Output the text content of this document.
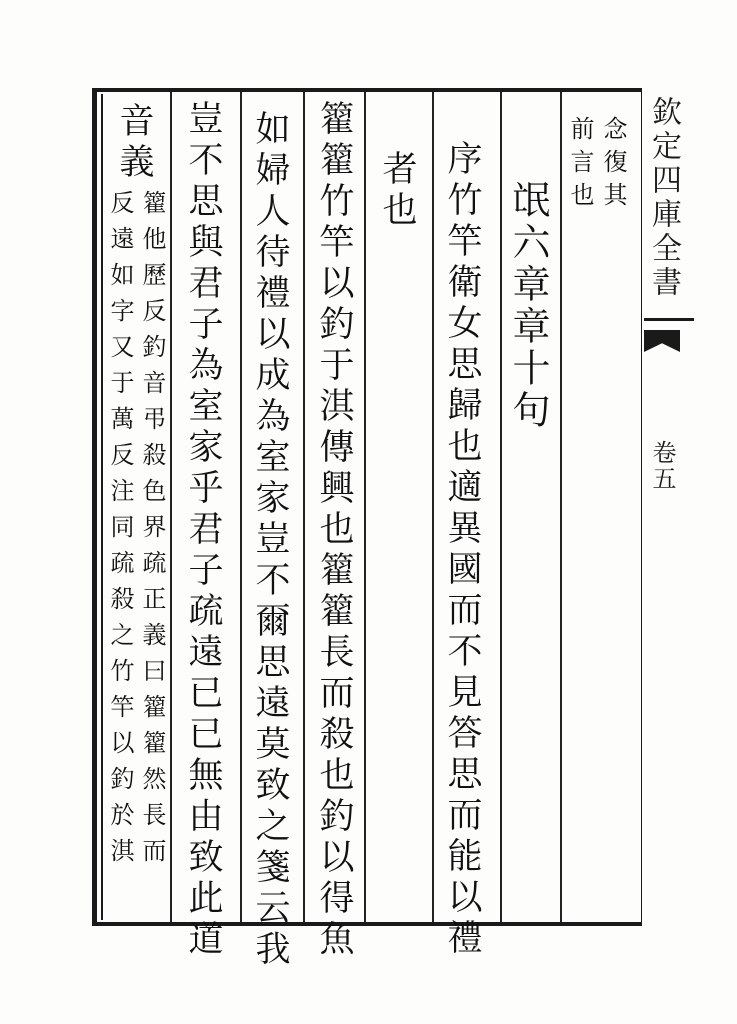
念復其
前言也
氓六章章十句
序竹竿衛女思歸也適異國而不見答思而能以禮
者也
籊籊竹竿以釣于淇傳興也籊籊長而殺也釣以得魚
如婦人待禮以成為室家豈不爾思遠莫致之箋云我
豈不思與君子為室家乎君子疏遠已已無由致此道
音義
籊他歷反釣音弔殺色界疏正義曰籊籊然長而
反遠如字又于萬反注同疏殺之竹竿以釣於淇	欽定四庫全書
卷五
